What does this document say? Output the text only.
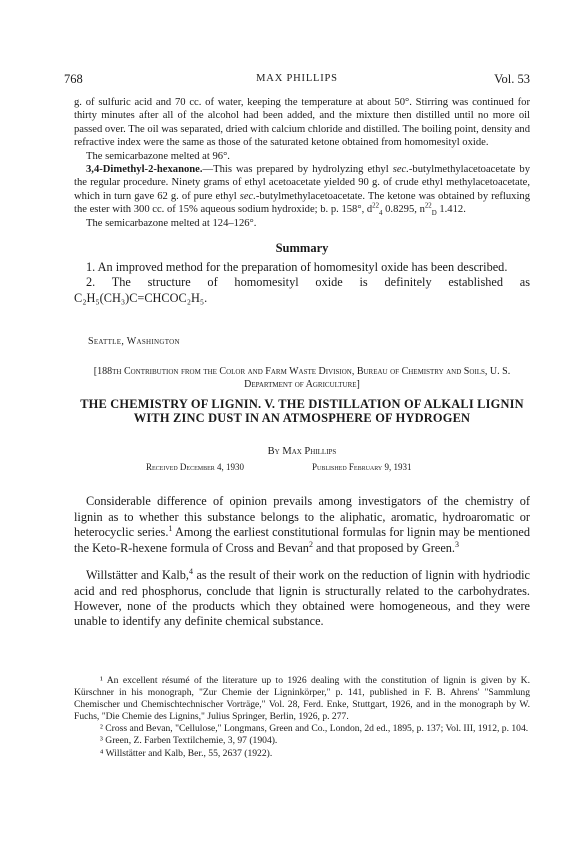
768	MAX PHILLIPS	Vol. 53

g. of sulfuric acid and 70 cc. of water, keeping the temperature at about 50°. Stirring was continued for thirty minutes after all of the alcohol had been added, and the mixture then distilled until no more oil passed over. The oil was separated, dried with calcium chloride and distilled. The boiling point, density and refractive index were the same as those of the saturated ketone obtained from homomesityl oxide.

The semicarbazone melted at 96°.

3,4-Dimethyl-2-hexanone.—This was prepared by hydrolyzing ethyl sec.-butylmethylacetoacetate by the regular procedure. Ninety grams of ethyl acetoacetate yielded 90 g. of crude ethyl methylacetoacetate, which in turn gave 62 g. of pure ethyl sec.-butylmethylacetoacetate. The ketone was obtained by refluxing the ester with 300 cc. of 15% aqueous sodium hydroxide; b. p. 158°, $d^{22}_4$ 0.8295, $n^{22}_D$ 1.412.

The semicarbazone melted at 124–126°.

Summary

1. An improved method for the preparation of homomesityl oxide has been described.

2. The structure of homomesityl oxide is definitely established as C₂H₅(CH₃)C=CHCOC₂H₅.

Seattle, Washington
[188th Contribution from the Color and Farm Waste Division, Bureau of Chemistry and Soils, U. S. Department of Agriculture]
THE CHEMISTRY OF LIGNIN. V. THE DISTILLATION OF ALKALI LIGNIN WITH ZINC DUST IN AN ATMOSPHERE OF HYDROGEN
By Max Phillips
Received December 4, 1930	Published February 9, 1931

Considerable difference of opinion prevails among investigators of the chemistry of lignin as to whether this substance belongs to the aliphatic, aromatic, hydroaromatic or heterocyclic series.$^1$ Among the earliest constitutional formulas for lignin may be mentioned the Keto-R-hexene formula of Cross and Bevan$^2$ and that proposed by Green.$^3$

Willstätter and Kalb,$^4$ as the result of their work on the reduction of lignin with hydriodic acid and red phosphorus, conclude that lignin is structurally related to the carbohydrates. However, none of the products which they obtained were homogeneous, and they were unable to identify any definite chemical substance.

¹ An excellent résumé of the literature up to 1926 dealing with the constitution of lignin is given by K. Kürschner in his monograph, "Zur Chemie der Ligninkörper," p. 141, published in F. B. Ahrens' "Sammlung Chemischer und Chemischtechnischer Vorträge," Vol. 28, Ferd. Enke, Stuttgart, 1926, and in the monograph by W. Fuchs, "Die Chemie des Lignins," Julius Springer, Berlin, 1926, p. 277.

² Cross and Bevan, "Cellulose," Longmans, Green and Co., London, 2d ed., 1895, p. 137; Vol. III, 1912, p. 104.

³ Green, Z. Farben Textilchemie, 3, 97 (1904).

⁴ Willstätter and Kalb, Ber., 55, 2637 (1922).
